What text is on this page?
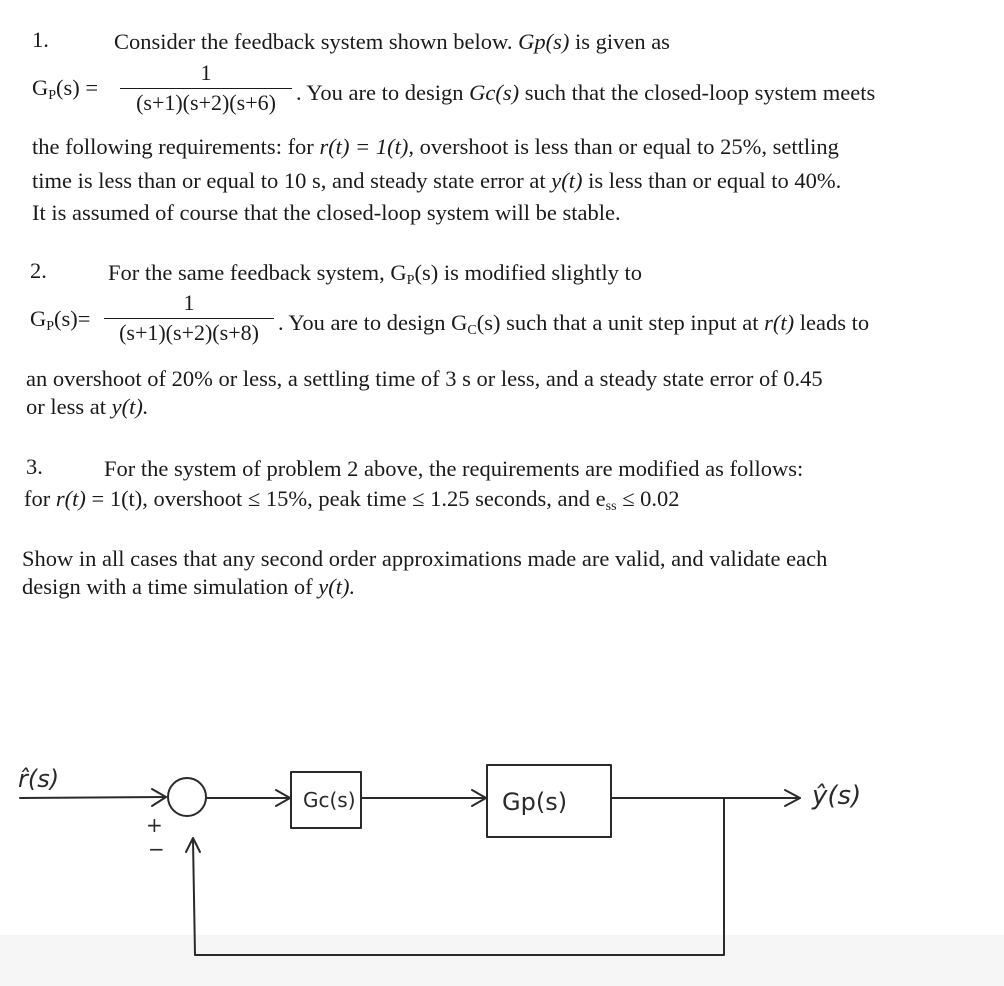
1.	Consider the feedback system shown below. Gp(s) is given as
$G_P(s)$ =
1
(s+1)(s+2)(s+6) . You are to design Gc(s) such that the closed-loop system meets
the following requirements: for r(t) = 1(t), overshoot is less than or equal to 25%, settling
time is less than or equal to 10 s, and steady state error at y(t) is less than or equal to 40%.
It is assumed of course that the closed-loop system will be stable.
2.	For the same feedback system, $G_P(s)$ is modified slightly to
$G_P(s)=$
1
(s+1)(s+2)(s+8) . You are to design $G_C(s)$ such that a unit step input at r(t) leads to
an overshoot of 20% or less, a settling time of 3 s or less, and a steady state error of 0.45
or less at y(t).
3.	For the system of problem 2 above, the requirements are modified as follows:
for r(t) = 1(t), overshoot ≤ 15%, peak time ≤ 1.25 seconds, and $e_{ss} \le 0.02$
Show in all cases that any second order approximations made are valid, and validate each
design with a time simulation of y(t).
r̂(s)
+
−
Gc(s)	Gp(s)	ŷ(s)
